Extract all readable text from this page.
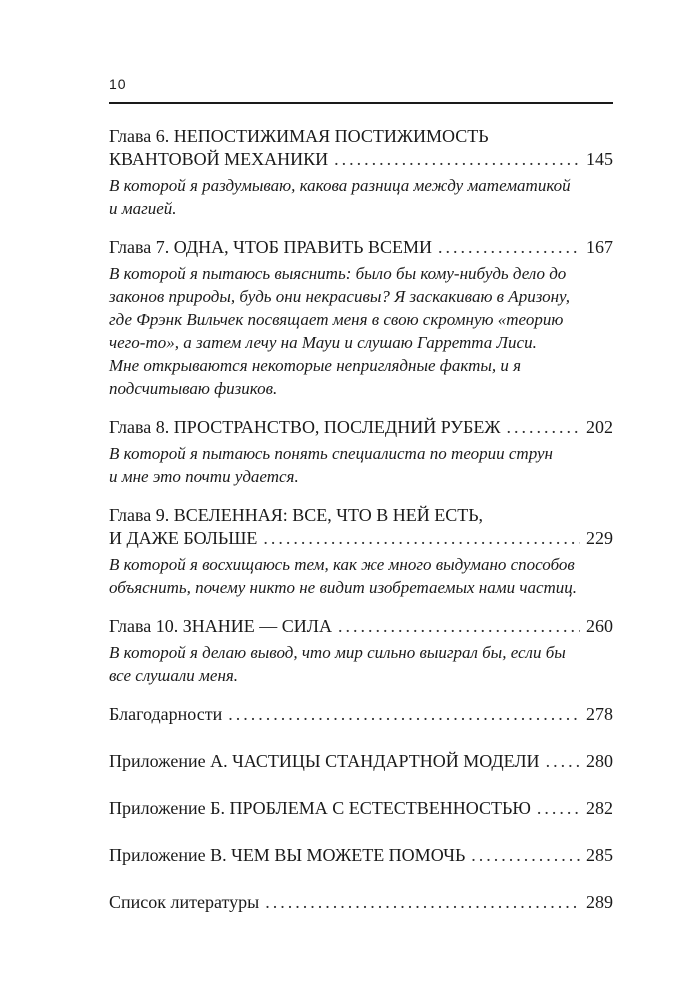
10
Глава 6. НЕПОСТИЖИМАЯ ПОСТИЖИМОСТЬ
КВАНТОВОЙ МЕХАНИКИ .....	145
В которой я раздумываю, какова разница между математикой
и магией.
Глава 7. ОДНА, ЧТОБ ПРАВИТЬ ВСЕМИ .....	167
В которой я пытаюсь выяснить: было бы кому-нибудь дело до
законов природы, будь они некрасивы? Я заскакиваю в Аризону,
где Фрэнк Вильчек посвящает меня в свою скромную «теорию
чего-то», а затем лечу на Мауи и слушаю Гарретта Лиси.
Мне открываются некоторые неприглядные факты, и я
подсчитываю физиков.
Глава 8. ПРОСТРАНСТВО, ПОСЛЕДНИЙ РУБЕЖ .....	202
В которой я пытаюсь понять специалиста по теории струн
и мне это почти удается.
Глава 9. ВСЕЛЕННАЯ: ВСЕ, ЧТО В НЕЙ ЕСТЬ,
И ДАЖЕ БОЛЬШЕ .....	229
В которой я восхищаюсь тем, как же много выдумано способов
объяснить, почему никто не видит изобретаемых нами частиц.
Глава 10. ЗНАНИЕ — СИЛА .....	260
В которой я делаю вывод, что мир сильно выиграл бы, если бы
все слушали меня.
Благодарности .....	278
Приложение А. ЧАСТИЦЫ СТАНДАРТНОЙ МОДЕЛИ .....	280
Приложение Б. ПРОБЛЕМА С ЕСТЕСТВЕННОСТЬЮ .....	282
Приложение В. ЧЕМ ВЫ МОЖЕТЕ ПОМОЧЬ .....	285
Список литературы .....	289
